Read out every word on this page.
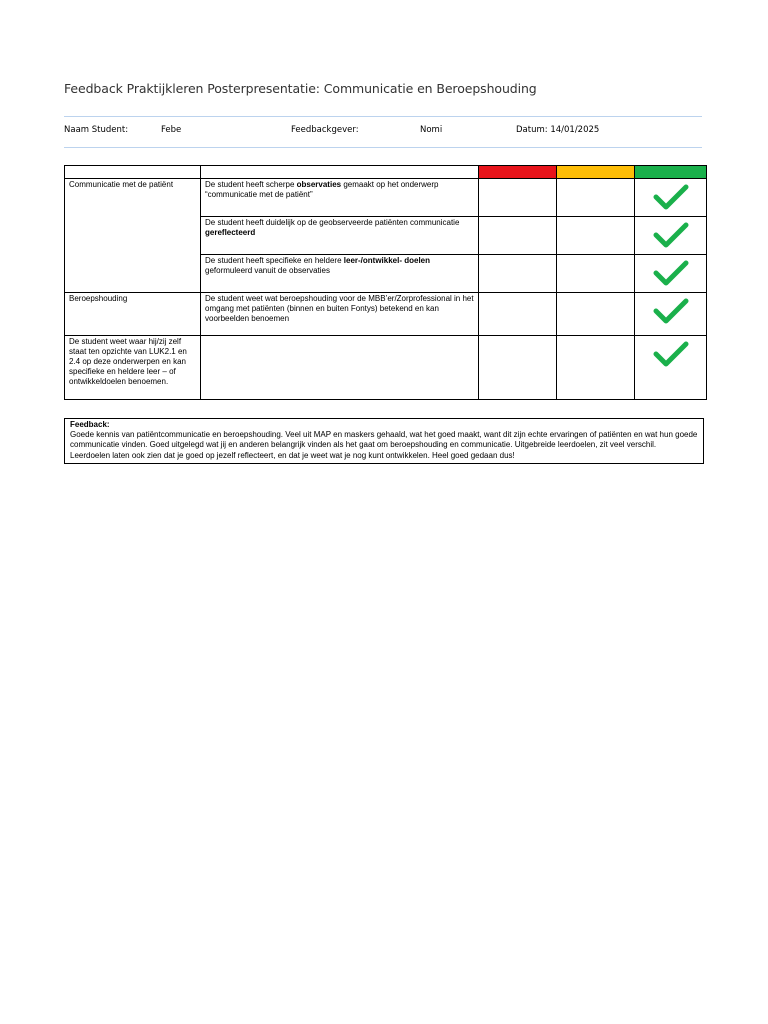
Feedback Praktijkleren Posterpresentatie: Communicatie en Beroepshouding
Naam Student:	Febe	Feedbackgever:	Nomi	Datum: 14/01/2025

Communicatie met de patiënt	De student heeft scherpe observaties gemaakt op het onderwerp “communicatie met de patiënt”			

	De student heeft duidelijk op de geobserveerde patiënten communicatie gereflecteerd			

	De student heeft specifieke en heldere leer-/ontwikkel- doelen geformuleerd vanuit de observaties			

Beroepshouding	De student weet wat beroepshouding voor de MBB’er/Zorprofessional in het omgang met patiënten (binnen en buiten Fontys) betekend en kan voorbeelden benoemen			

De student weet waar hij/zij zelf staat ten opzichte van LUK2.1 en 2.4 op deze onderwerpen en kan specifieke en heldere leer – of ontwikkeldoelen benoemen.				
Feedback:
Goede kennis van patiëntcommunicatie en beroepshouding. Veel uit MAP en maskers gehaald, wat het goed maakt, want dit zijn echte ervaringen of patiënten en wat hun goede communicatie vinden. Goed uitgelegd wat jij en anderen belangrijk vinden als het gaat om beroepshouding en communicatie. Uitgebreide leerdoelen, zit veel verschil. Leerdoelen laten ook zien dat je goed op jezelf reflecteert, en dat je weet wat je nog kunt ontwikkelen. Heel goed gedaan dus!
